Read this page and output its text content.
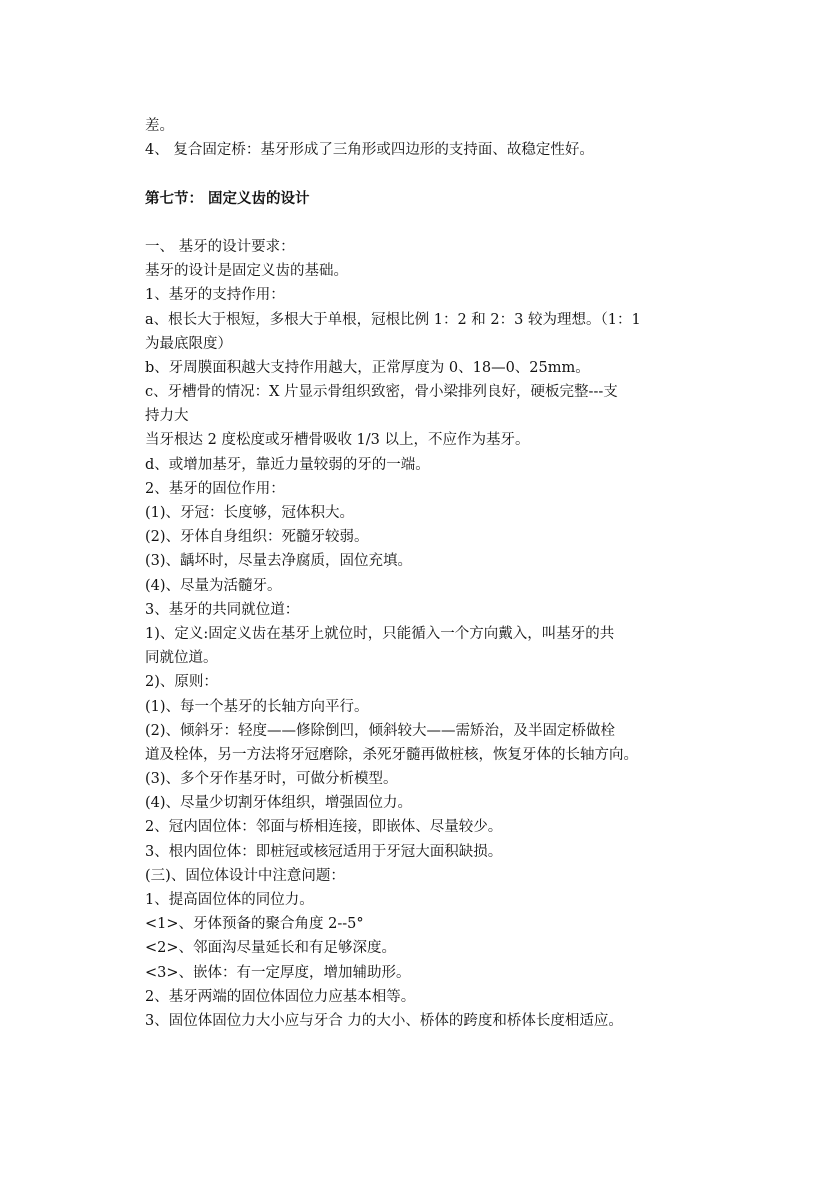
差。
4、 复合固定桥：基牙形成了三角形或四边形的支持面、故稳定性好。
第七节： 固定义齿的设计
一、 基牙的设计要求：
基牙的设计是固定义齿的基础。
1、基牙的支持作用：
a、根长大于根短，多根大于单根，冠根比例 1：2 和 2：3 较为理想。（1：1
为最底限度）
b、牙周膜面积越大支持作用越大，正常厚度为 0、18—0、25mm。
c、牙槽骨的情况：X 片显示骨组织致密，骨小梁排列良好，硬板完整---支
持力大
当牙根达 2 度松度或牙槽骨吸收 1/3 以上，不应作为基牙。
d、或增加基牙，靠近力量较弱的牙的一端。
2、基牙的固位作用：
(1)、牙冠：长度够，冠体积大。
(2)、牙体自身组织：死髓牙较弱。
(3)、龋坏时，尽量去净腐质，固位充填。
(4)、尽量为活髓牙。
3、基牙的共同就位道：
1)、定义:固定义齿在基牙上就位时，只能循入一个方向戴入，叫基牙的共
同就位道。
2)、原则：
(1)、每一个基牙的长轴方向平行。
(2)、倾斜牙：轻度——修除倒凹，倾斜较大——需矫治，及半固定桥做栓
道及栓体，另一方法将牙冠磨除，杀死牙髓再做桩核，恢复牙体的长轴方向。
(3)、多个牙作基牙时，可做分析模型。
(4)、尽量少切割牙体组织，增强固位力。
2、冠内固位体：邻面与桥相连接，即嵌体、尽量较少。
3、根内固位体：即桩冠或核冠适用于牙冠大面积缺损。
(三)、固位体设计中注意问题：
1、提高固位体的同位力。
<1>、牙体预备的聚合角度 2--5°
<2>、邻面沟尽量延长和有足够深度。
<3>、嵌体：有一定厚度，增加辅助形。
2、基牙两端的固位体固位力应基本相等。
3、固位体固位力大小应与牙合 力的大小、桥体的跨度和桥体长度相适应。
